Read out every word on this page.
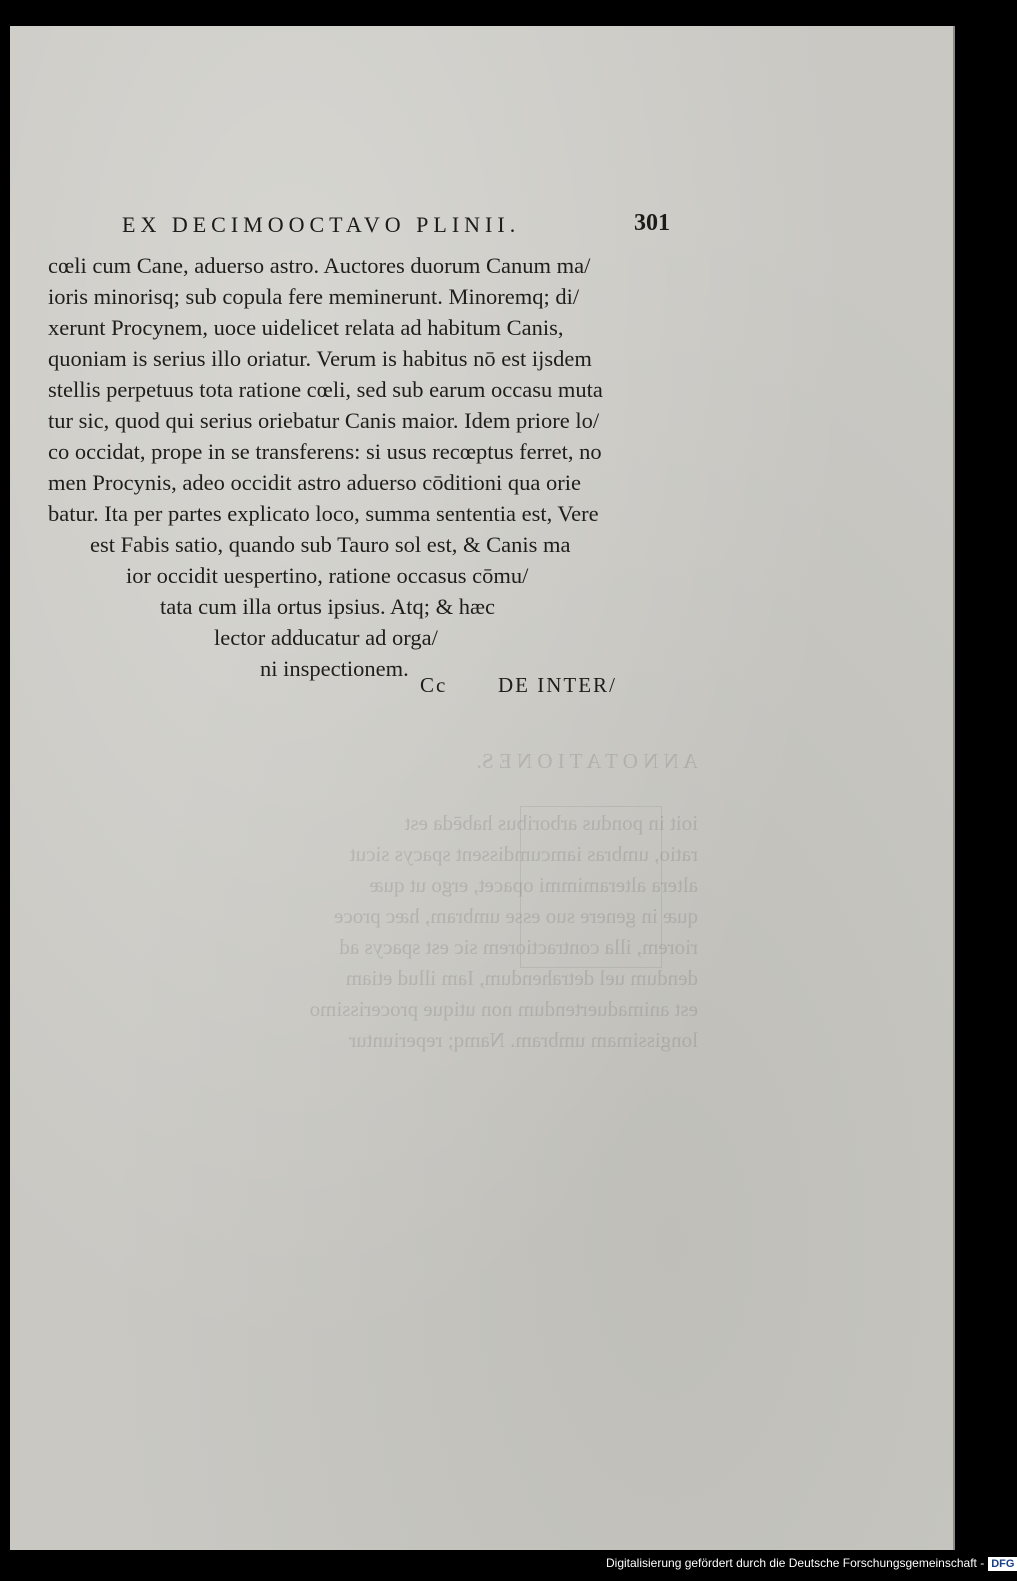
A N N O T A T I O N E S.

ioit in pondus arboribus habēda est
ratio, umbras iamcumdissent spacys sicut
altera alteramimmi opacet, ergo ut quæ
quæ in genere suo esse umbram, hæc proce
riorem, illa contractiorem sic est spacys ad
dendum uel detrahendum, Iam illud etiam
est animaduertendum non utique procerissimo
longissimam umbram. Namq; reperiuntur
EX DECIMOOCTAVO PLINII.	301
cœli cum Cane, aduerso astro. Auctores duorum Canum ma/
ioris minorisq; sub copula fere meminerunt. Minoremq; di/
xerunt Procynem, uoce uidelicet relata ad habitum Canis,
quoniam is serius illo oriatur. Verum is habitus nō est ijsdem
stellis perpetuus tota ratione cœli, sed sub earum occasu muta
tur sic, quod qui serius oriebatur Canis maior. Idem priore lo/
co occidat, prope in se transferens: si usus recœptus ferret, no
men Procynis, adeo occidit astro aduerso cōditioni qua orie
batur. Ita per partes explicato loco, summa sententia est, Vere
est Fabis satio, quando sub Tauro sol est, & Canis ma
ior occidit uespertino, ratione occasus cōmu/
tata cum illa ortus ipsius. Atq; & hæc
lector adducatur ad orga/
ni inspectionem.
Cc DE INTER/
Digitalisierung gefördert durch die Deutsche Forschungsgemeinschaft - DFG
